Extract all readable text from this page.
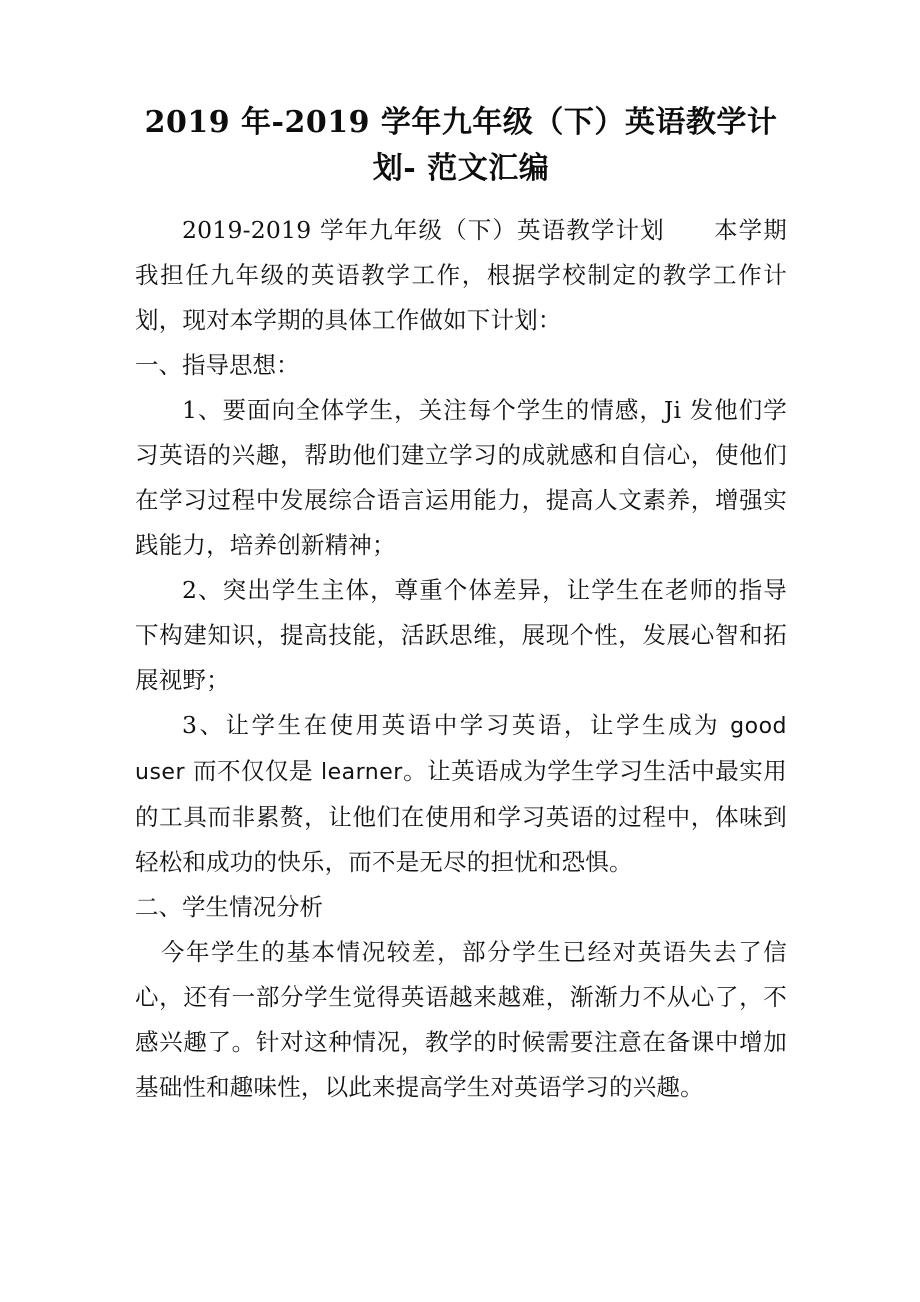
2019 年-2019 学年九年级（下）英语教学计划- 范文汇编

2019-2019 学年九年级（下）英语教学计划　　本学期我担任九年级的英语教学工作，根据学校制定的教学工作计划，现对本学期的具体工作做如下计划：

一、指导思想：

1、要面向全体学生，关注每个学生的情感，Ji 发他们学习英语的兴趣，帮助他们建立学习的成就感和自信心，使他们在学习过程中发展综合语言运用能力，提高人文素养，增强实践能力，培养创新精神；

2、突出学生主体，尊重个体差异，让学生在老师的指导下构建知识，提高技能，活跃思维，展现个性，发展心智和拓展视野；

3、让学生在使用英语中学习英语，让学生成为 good user 而不仅仅是 learner。让英语成为学生学习生活中最实用的工具而非累赘，让他们在使用和学习英语的过程中，体味到轻松和成功的快乐，而不是无尽的担忧和恐惧。

二、学生情况分析

今年学生的基本情况较差，部分学生已经对英语失去了信心，还有一部分学生觉得英语越来越难，渐渐力不从心了，不感兴趣了。针对这种情况，教学的时候需要注意在备课中增加基础性和趣味性，以此来提高学生对英语学习的兴趣。
